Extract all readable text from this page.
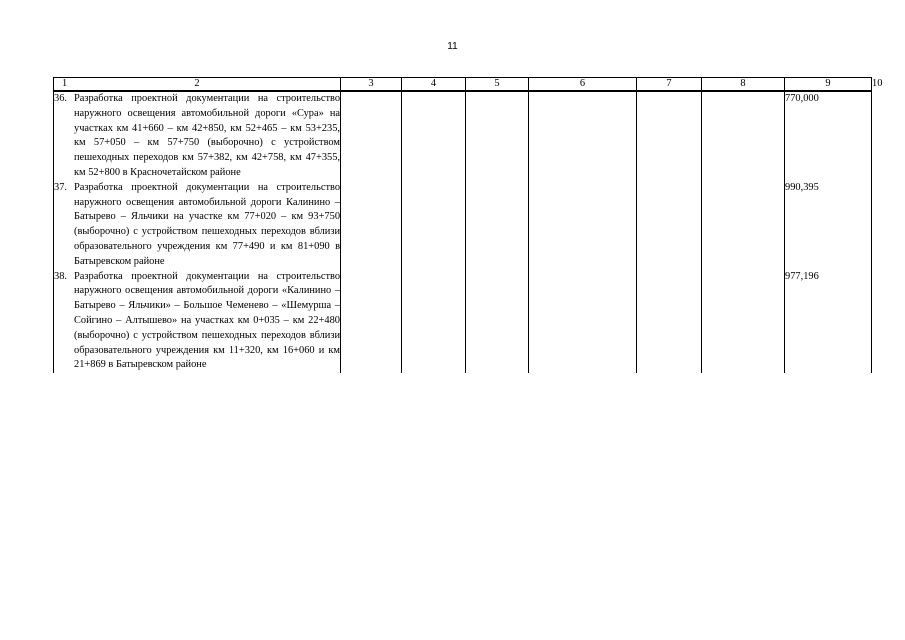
11
1 2	3	4	5	6	7	8	9	10

36. Разработка проектной документации на строительство наружного освещения автомобильной дороги «Сура» на участках км 41+660 – км 42+850, км 52+465 – км 53+235, км 57+050 – км 57+750 (выборочно) с устройством пешеходных переходов км 57+382, км 42+758, км 47+355, км 52+800 в Красночетайском районе							770,000	

37. Разработка проектной документации на строительство наружного освещения автомобильной дороги Калинино – Батырево – Яльчики на участке км 77+020 – км 93+750 (выборочно) с устройством пешеходных переходов вблизи образовательного учреждения км 77+490 и км 81+090 в Батыревском районе							990,395	

38. Разработка проектной документации на строительство наружного освещения автомобильной дороги «Калинино – Батырево – Яльчики» – Большое Чеменево – «Шемурша – Сойгино – Алтышево» на участках км 0+035 – км 22+480 (выборочно) с устройством пешеходных переходов вблизи образовательного учреждения км 11+320, км 16+060 и км 21+869 в Батыревском районе							977,196	
